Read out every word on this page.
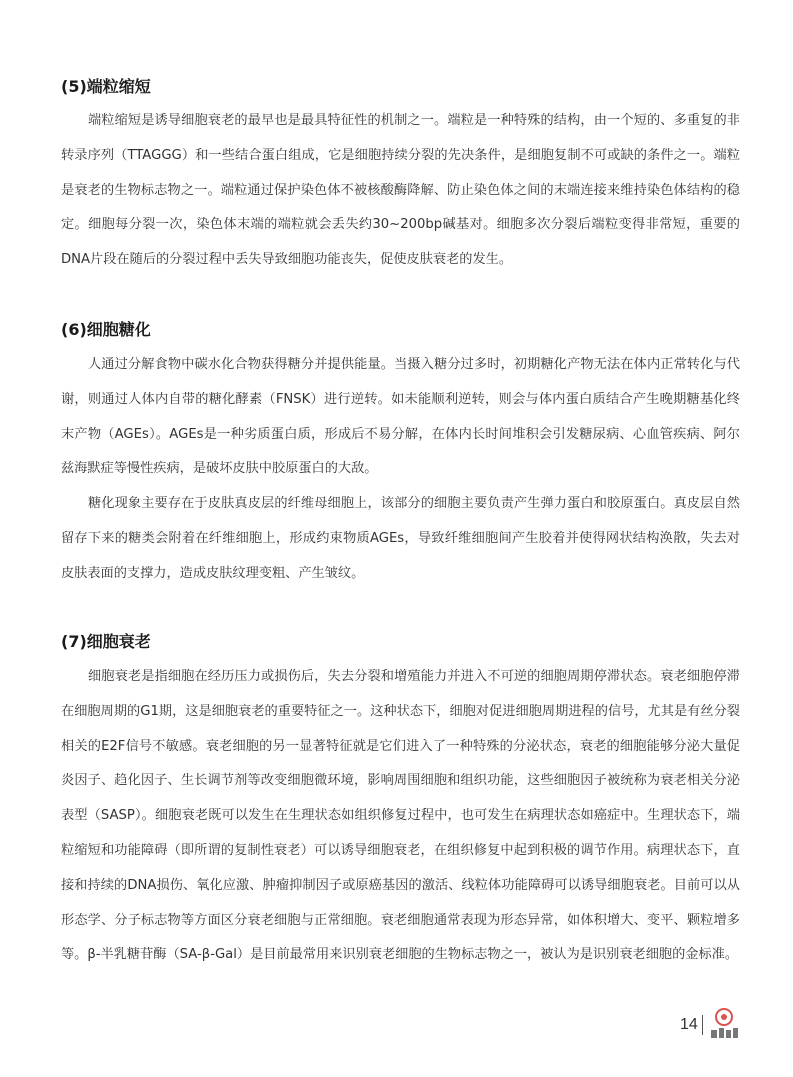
(5)端粒缩短

端粒缩短是诱导细胞衰老的最早也是最具特征性的机制之一。端粒是一种特殊的结构，由一个短的、多重复的非转录序列（TTAGGG）和一些结合蛋白组成，它是细胞持续分裂的先决条件，是细胞复制不可或缺的条件之一。端粒是衰老的生物标志物之一。端粒通过保护染色体不被核酸酶降解、防止染色体之间的末端连接来维持染色体结构的稳定。细胞每分裂一次，染色体末端的端粒就会丢失约30~200bp碱基对。细胞多次分裂后端粒变得非常短，重要的DNA片段在随后的分裂过程中丢失导致细胞功能丧失，促使皮肤衰老的发生。

(6)细胞糖化

人通过分解食物中碳水化合物获得糖分并提供能量。当摄入糖分过多时，初期糖化产物无法在体内正常转化与代谢，则通过人体内自带的糖化酵素（FNSK）进行逆转。如未能顺利逆转，则会与体内蛋白质结合产生晚期糖基化终末产物（AGEs）。AGEs是一种劣质蛋白质，形成后不易分解，在体内长时间堆积会引发糖尿病、心血管疾病、阿尔兹海默症等慢性疾病，是破坏皮肤中胶原蛋白的大敌。

糖化现象主要存在于皮肤真皮层的纤维母细胞上，该部分的细胞主要负责产生弹力蛋白和胶原蛋白。真皮层自然留存下来的糖类会附着在纤维细胞上，形成约束物质AGEs，导致纤维细胞间产生胶着并使得网状结构涣散，失去对皮肤表面的支撑力，造成皮肤纹理变粗、产生皱纹。

(7)细胞衰老

细胞衰老是指细胞在经历压力或损伤后，失去分裂和增殖能力并进入不可逆的细胞周期停滞状态。衰老细胞停滞在细胞周期的G1期，这是细胞衰老的重要特征之一。这种状态下，细胞对促进细胞周期进程的信号，尤其是有丝分裂相关的E2F信号不敏感。衰老细胞的另一显著特征就是它们进入了一种特殊的分泌状态，衰老的细胞能够分泌大量促炎因子、趋化因子、生长调节剂等改变细胞微环境，影响周围细胞和组织功能，这些细胞因子被统称为衰老相关分泌表型（SASP）。细胞衰老既可以发生在生理状态如组织修复过程中，也可发生在病理状态如癌症中。生理状态下，端粒缩短和功能障碍（即所谓的复制性衰老）可以诱导细胞衰老，在组织修复中起到积极的调节作用。病理状态下，直接和持续的DNA损伤、氧化应激、肿瘤抑制因子或原癌基因的激活、线粒体功能障碍可以诱导细胞衰老。目前可以从形态学、分子标志物等方面区分衰老细胞与正常细胞。衰老细胞通常表现为形态异常，如体积增大、变平、颗粒增多等。β-半乳糖苷酶（SA-β-Gal）是目前最常用来识别衰老细胞的生物标志物之一，被认为是识别衰老细胞的金标准。

14
